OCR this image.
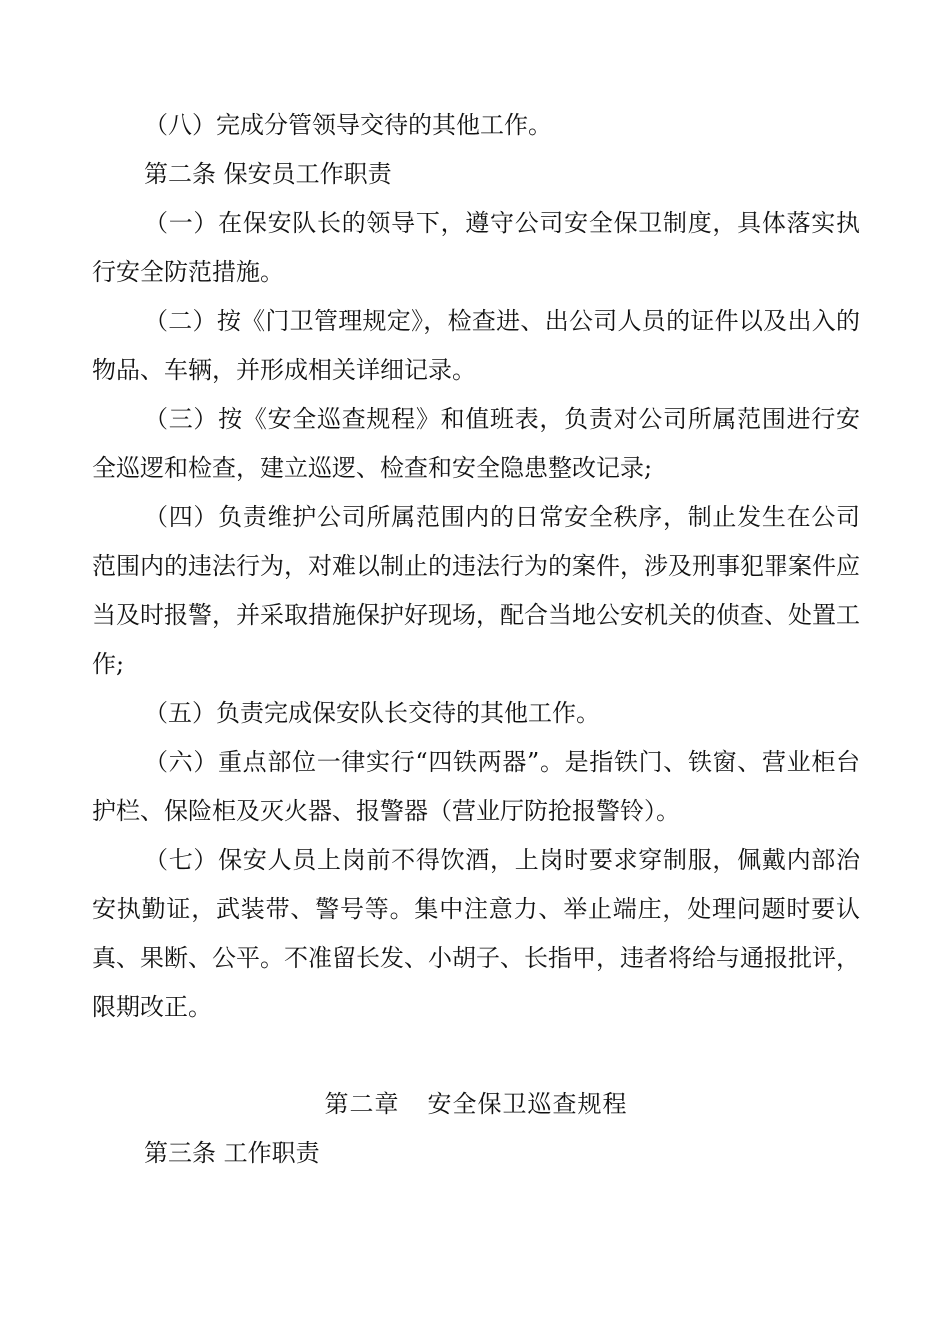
（八）完成分管领导交待的其他工作。

第二条 保安员工作职责

（一）在保安队长的领导下，遵守公司安全保卫制度，具体落实执行安全防范措施。

（二）按《门卫管理规定》，检查进、出公司人员的证件以及出入的物品、车辆，并形成相关详细记录。

（三）按《安全巡查规程》和值班表，负责对公司所属范围进行安全巡逻和检查，建立巡逻、检查和安全隐患整改记录;

（四）负责维护公司所属范围内的日常安全秩序，制止发生在公司范围内的违法行为，对难以制止的违法行为的案件，涉及刑事犯罪案件应当及时报警，并采取措施保护好现场，配合当地公安机关的侦查、处置工作;

（五）负责完成保安队长交待的其他工作。

（六）重点部位一律实行“四铁两器”。是指铁门、铁窗、营业柜台护栏、保险柜及灭火器、报警器（营业厅防抢报警铃）。

（七）保安人员上岗前不得饮酒，上岗时要求穿制服，佩戴内部治安执勤证，武装带、警号等。集中注意力、举止端庄，处理问题时要认真、果断、公平。不准留长发、小胡子、长指甲，违者将给与通报批评，限期改正。

第二章 安全保卫巡查规程

第三条 工作职责
